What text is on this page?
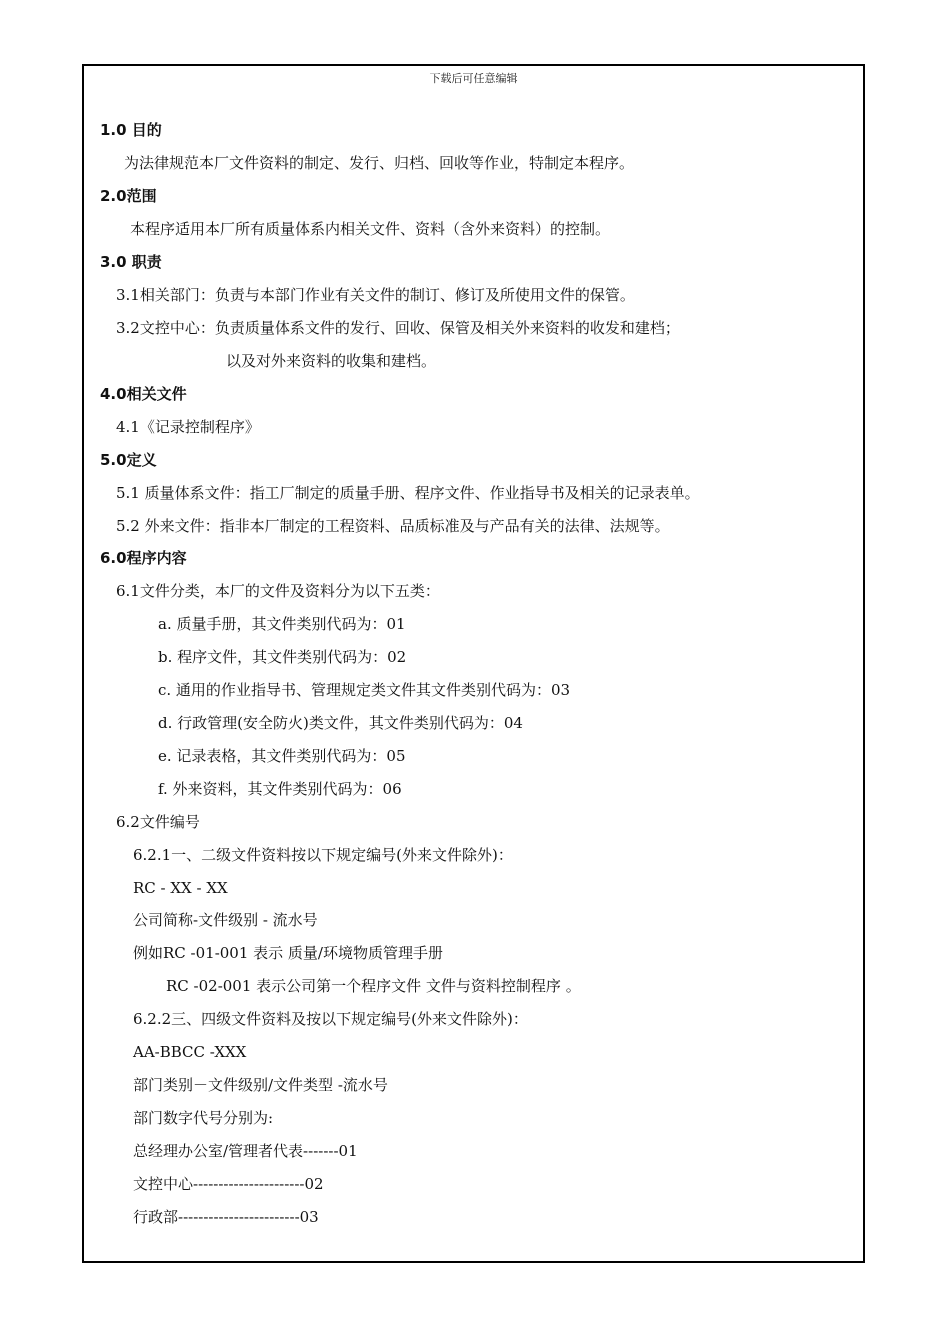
下载后可任意编辑
1.0 目的
为法律规范本厂文件资料的制定、发行、归档、回收等作业，特制定本程序。
2.0范围
本程序适用本厂所有质量体系内相关文件、资料（含外来资料）的控制。
3.0 职责
3.1相关部门：负责与本部门作业有关文件的制订、修订及所使用文件的保管。
3.2文控中心：负责质量体系文件的发行、回收、保管及相关外来资料的收发和建档；
以及对外来资料的收集和建档。
4.0相关文件
4.1《记录控制程序》
5.0定义
5.1 质量体系文件：指工厂制定的质量手册、程序文件、作业指导书及相关的记录表单。
5.2 外来文件：指非本厂制定的工程资料、品质标准及与产品有关的法律、法规等。
6.0程序内容
6.1文件分类，本厂的文件及资料分为以下五类：
a. 质量手册，其文件类别代码为：01
b. 程序文件，其文件类别代码为：02
c. 通用的作业指导书、管理规定类文件其文件类别代码为：03
d. 行政管理(安全防火)类文件，其文件类别代码为：04
e. 记录表格，其文件类别代码为：05
f. 外来资料，其文件类别代码为：06
6.2文件编号
6.2.1一、二级文件资料按以下规定编号(外来文件除外)：
RC - XX - XX
公司简称-文件级别 - 流水号
例如RC -01-001 表示 质量/环境物质管理手册
RC -02-001 表示公司第一个程序文件 文件与资料控制程序 。
6.2.2三、四级文件资料及按以下规定编号(外来文件除外)：
AA-BBCC -XXX
部门类别－文件级别/文件类型 -流水号
部门数字代号分别为:
总经理办公室/管理者代表-------01
文控中心----------------------02
行政部------------------------03
